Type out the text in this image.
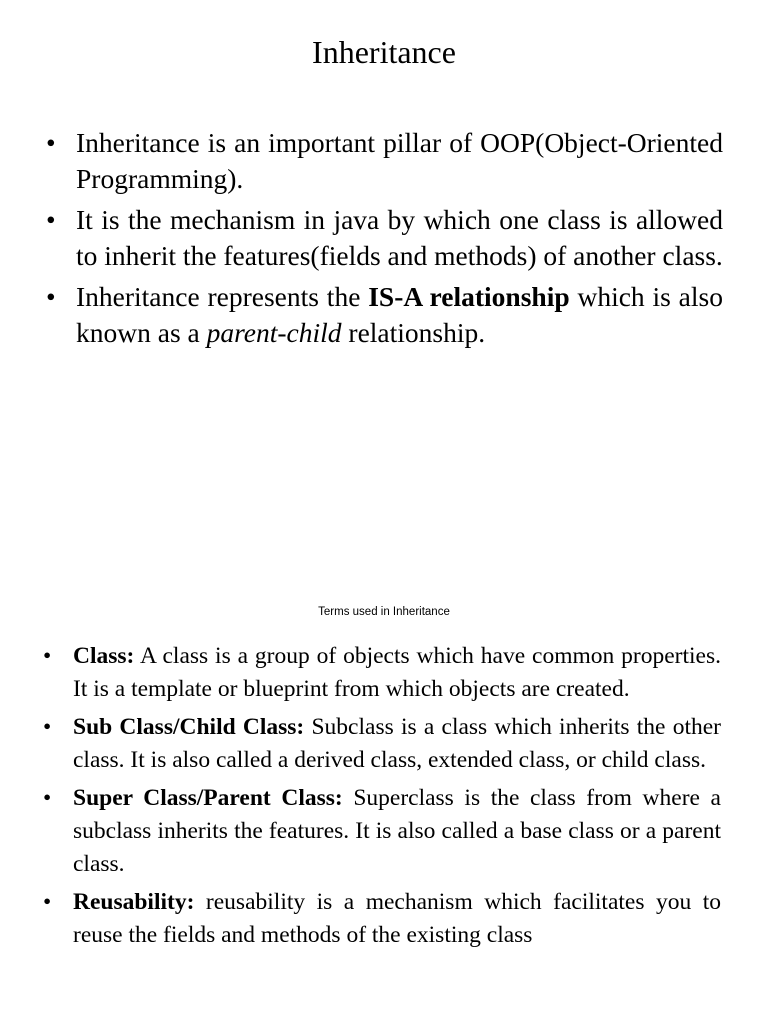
Inheritance
• Inheritance is an important pillar of OOP(Object-Oriented Programming).
• It is the mechanism in java by which one class is allowed to inherit the features(fields and methods) of another class.
• Inheritance represents the IS-A relationship which is also known as a parent-child relationship.
Terms used in Inheritance
• Class: A class is a group of objects which have common properties. It is a template or blueprint from which objects are created.
• Sub Class/Child Class: Subclass is a class which inherits the other class. It is also called a derived class, extended class, or child class.
• Super Class/Parent Class: Superclass is the class from where a subclass inherits the features. It is also called a base class or a parent class.
• Reusability: reusability is a mechanism which facilitates you to reuse the fields and methods of the existing class
